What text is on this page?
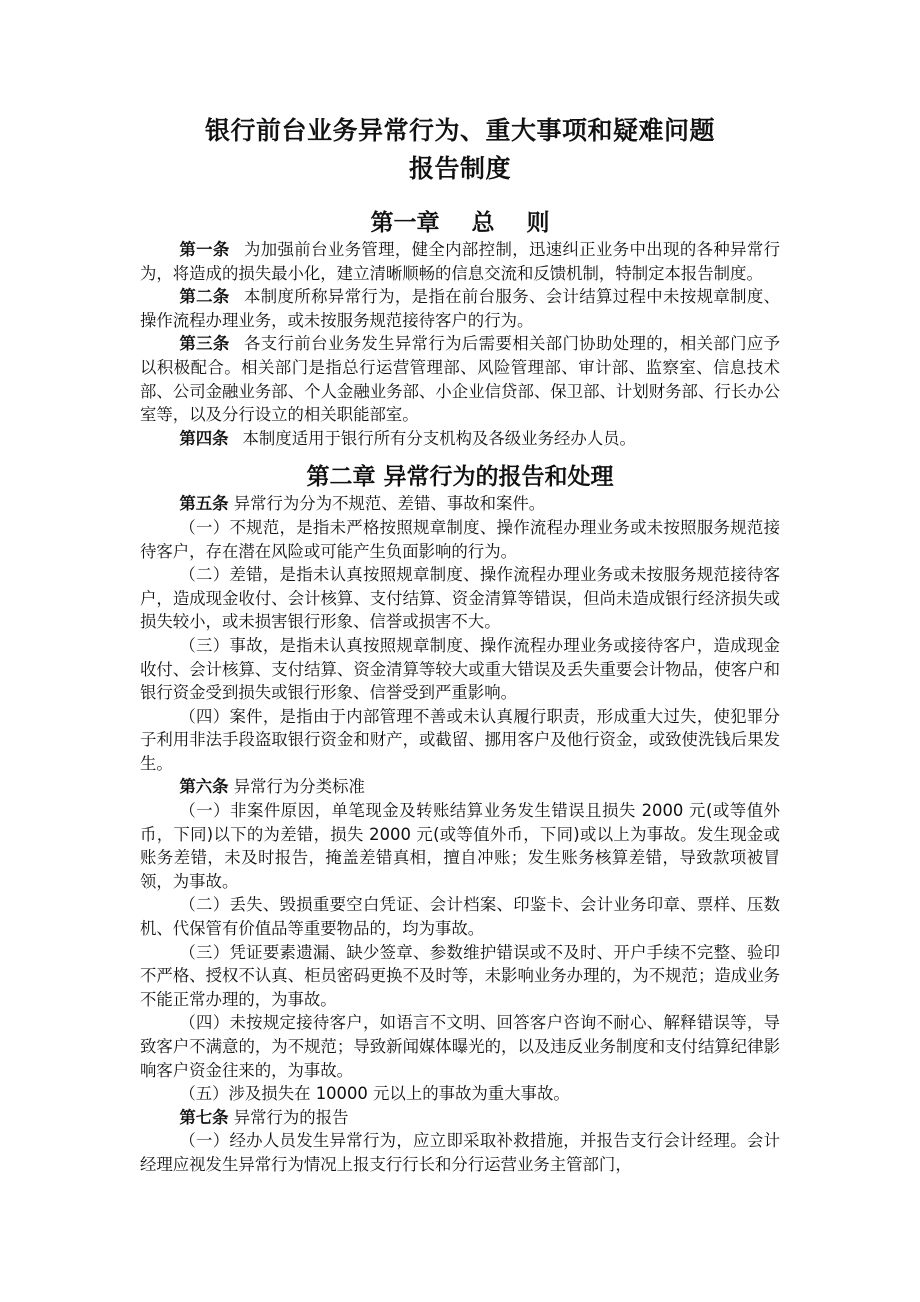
银行前台业务异常行为、重大事项和疑难问题
报告制度
第一章    总    则

第一条 为加强前台业务管理，健全内部控制，迅速纠正业务中出现的各种异常行为，将造成的损失最小化，建立清晰顺畅的信息交流和反馈机制，特制定本报告制度。

第二条 本制度所称异常行为，是指在前台服务、会计结算过程中未按规章制度、操作流程办理业务，或未按服务规范接待客户的行为。

第三条 各支行前台业务发生异常行为后需要相关部门协助处理的，相关部门应予以积极配合。相关部门是指总行运营管理部、风险管理部、审计部、监察室、信息技术部、公司金融业务部、个人金融业务部、小企业信贷部、保卫部、计划财务部、行长办公室等，以及分行设立的相关职能部室。

第四条 本制度适用于银行所有分支机构及各级业务经办人员。

第二章 异常行为的报告和处理

第五条 异常行为分为不规范、差错、事故和案件。

（一）不规范，是指未严格按照规章制度、操作流程办理业务或未按照服务规范接待客户，存在潜在风险或可能产生负面影响的行为。

（二）差错，是指未认真按照规章制度、操作流程办理业务或未按服务规范接待客户，造成现金收付、会计核算、支付结算、资金清算等错误，但尚未造成银行经济损失或损失较小，或未损害银行形象、信誉或损害不大。

（三）事故，是指未认真按照规章制度、操作流程办理业务或接待客户，造成现金收付、会计核算、支付结算、资金清算等较大或重大错误及丢失重要会计物品，使客户和银行资金受到损失或银行形象、信誉受到严重影响。

（四）案件，是指由于内部管理不善或未认真履行职责，形成重大过失，使犯罪分子利用非法手段盗取银行资金和财产，或截留、挪用客户及他行资金，或致使洗钱后果发生。

第六条 异常行为分类标准

（一）非案件原因，单笔现金及转账结算业务发生错误且损失 2000 元(或等值外币，下同)以下的为差错，损失 2000 元(或等值外币，下同)或以上为事故。发生现金或账务差错，未及时报告，掩盖差错真相，擅自冲账；发生账务核算差错，导致款项被冒领，为事故。

（二）丢失、毁损重要空白凭证、会计档案、印鉴卡、会计业务印章、票样、压数机、代保管有价值品等重要物品的，均为事故。

（三）凭证要素遗漏、缺少签章、参数维护错误或不及时、开户手续不完整、验印不严格、授权不认真、柜员密码更换不及时等，未影响业务办理的，为不规范；造成业务不能正常办理的，为事故。

（四）未按规定接待客户，如语言不文明、回答客户咨询不耐心、解释错误等，导致客户不满意的，为不规范；导致新闻媒体曝光的，以及违反业务制度和支付结算纪律影响客户资金往来的，为事故。

（五）涉及损失在 10000 元以上的事故为重大事故。

第七条 异常行为的报告

（一）经办人员发生异常行为，应立即采取补救措施，并报告支行会计经理。会计经理应视发生异常行为情况上报支行行长和分行运营业务主管部门，
